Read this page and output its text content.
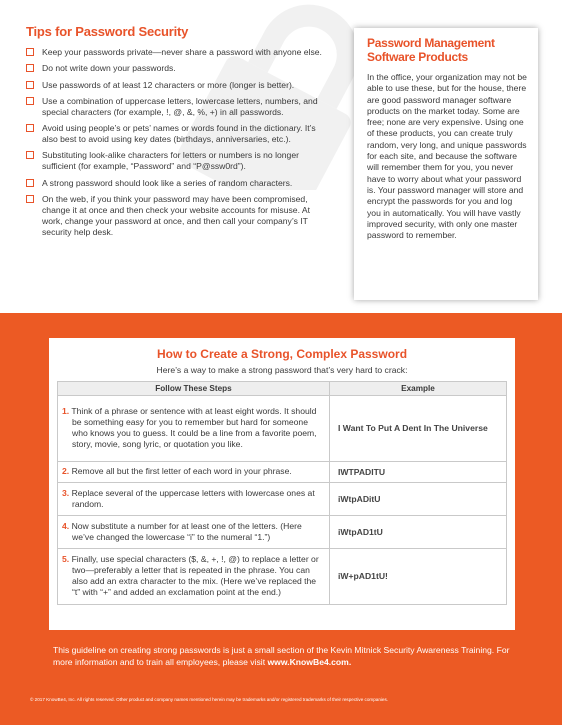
Tips for Password Security
Keep your passwords private—never share a password with anyone else.
Do not write down your passwords.
Use passwords of at least 12 characters or more (longer is better).
Use a combination of uppercase letters, lowercase letters, numbers, and special characters (for example, !, @, &, %, +) in all passwords.
Avoid using people’s or pets’ names or words found in the dictionary. It’s also best to avoid using key dates (birthdays, anniversaries, etc.).
Substituting look-alike characters for letters or numbers is no longer sufficient (for example, “Password” and “P@ssw0rd”).
A strong password should look like a series of random characters.
On the web, if you think your password may have been compromised, change it at once and then check your website accounts for misuse. At work, change your password at once, and then call your company’s IT security help desk.
Password Management Software Products
In the office, your organization may not be able to use these, but for the house, there are good password manager software products on the market today. Some are free; none are very expensive. Using one of these products, you can create truly random, very long, and unique passwords for each site, and because the software will remember them for you, you never have to worry about what your password is. Your password manager will store and encrypt the passwords for you and log you in automatically. You will have vastly improved security, with only one master password to remember.
How to Create a Strong, Complex Password
Here’s a way to make a strong password that’s very hard to crack:
Follow These Steps	Example

1. Think of a phrase or sentence with at least eight words. It should be something easy for you to remember but hard for someone who knows you to guess. It could be a line from a favorite poem, story, movie, song lyric, or quotation you like.	I Want To Put A Dent In The Universe

2. Remove all but the first letter of each word in your phrase.	IWTPADITU

3. Replace several of the uppercase letters with lowercase ones at random.	iWtpADitU

4. Now substitute a number for at least one of the letters. (Here we’ve changed the lowercase “i” to the numeral “1.”)	iWtpAD1tU

5. Finally, use special characters ($, &, +, !, @) to replace a letter or two—preferably a letter that is repeated in the phrase. You can also add an extra character to the mix. (Here we’ve replaced the “t” with “+” and added an exclamation point at the end.)	iW+pAD1tU!
This guideline on creating strong passwords is just a small section of the Kevin Mitnick Security Awareness Training. For more information and to train all employees, please visit www.KnowBe4.com.
© 2017 KnowBe4, Inc. All rights reserved. Other product and company names mentioned herein may be trademarks and/or registered trademarks of their respective companies.
